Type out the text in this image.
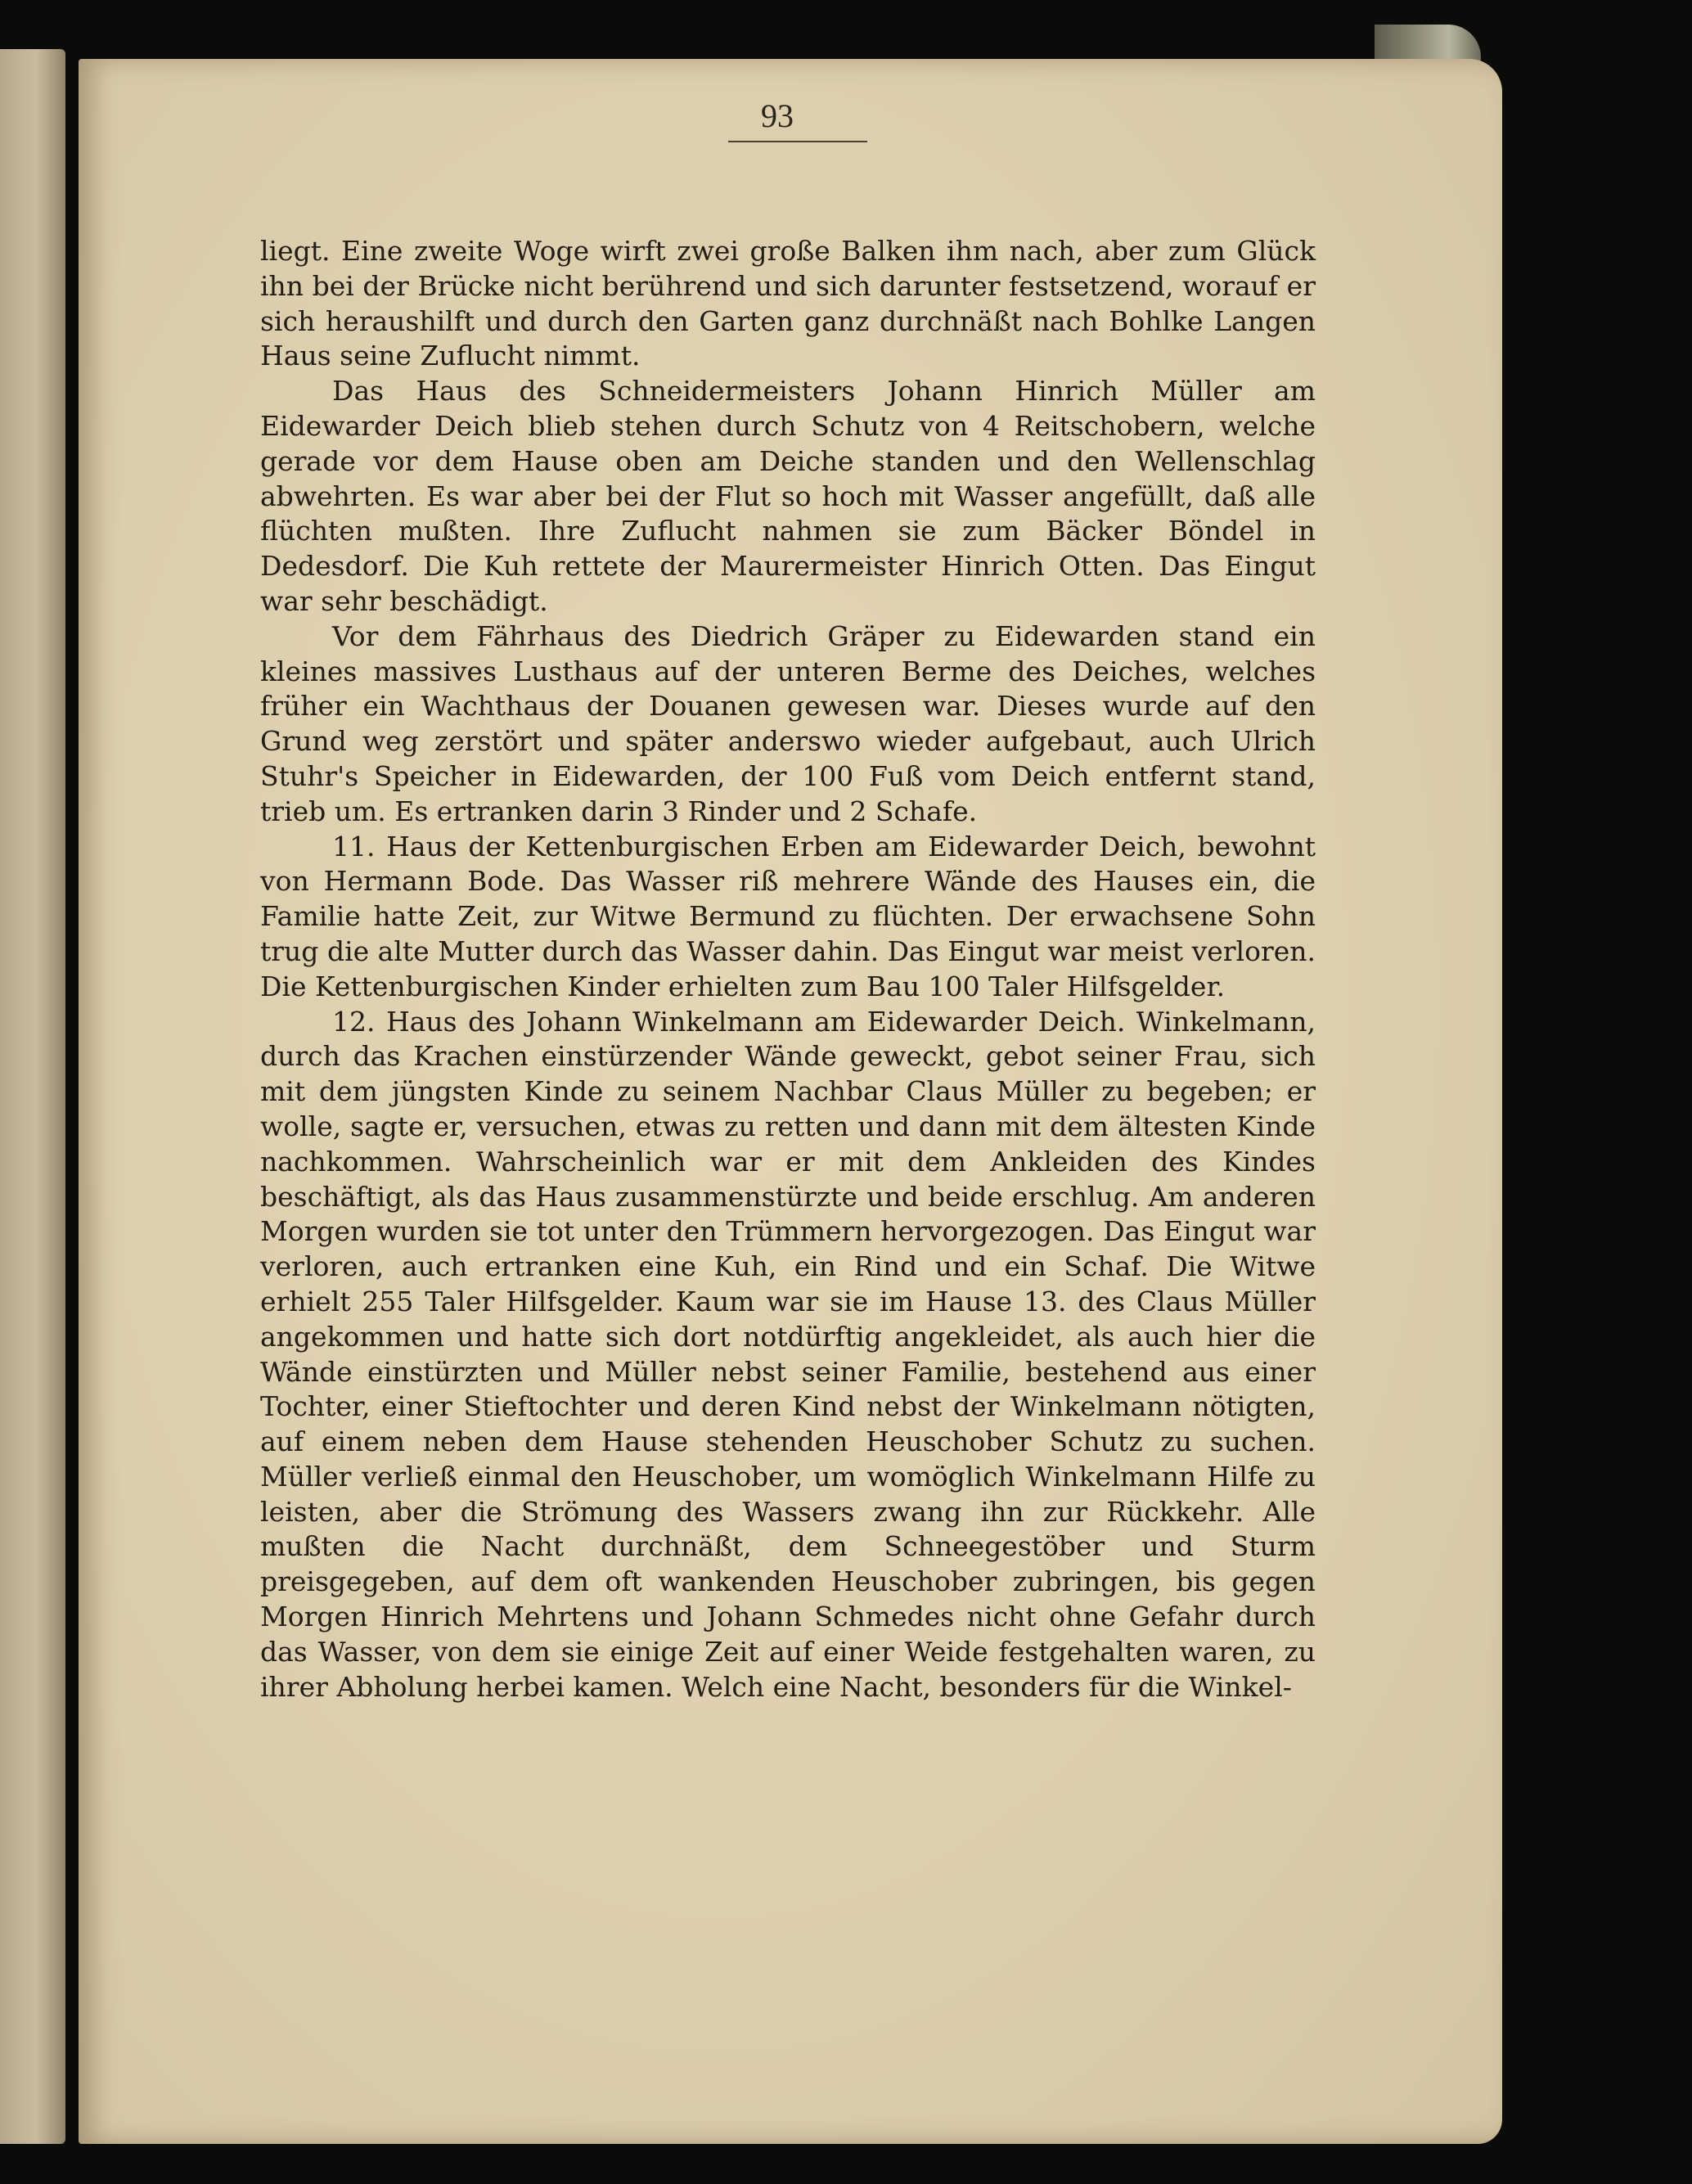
93

liegt. Eine zweite Woge wirft zwei große Balken ihm nach, aber zum Glück ihn bei der Brücke nicht berührend und sich darunter festsetzend, worauf er sich heraushilft und durch den Garten ganz durchnäßt nach Bohlke Langen Haus seine Zuflucht nimmt.

Das Haus des Schneidermeisters Johann Hinrich Müller am Eidewarder Deich blieb stehen durch Schutz von 4 Reitschobern, welche gerade vor dem Hause oben am Deiche standen und den Wellenschlag abwehrten. Es war aber bei der Flut so hoch mit Wasser angefüllt, daß alle flüchten mußten. Ihre Zuflucht nahmen sie zum Bäcker Böndel in Dedesdorf. Die Kuh rettete der Maurermeister Hinrich Otten. Das Eingut war sehr beschädigt.

Vor dem Fährhaus des Diedrich Gräper zu Eidewarden stand ein kleines massives Lusthaus auf der unteren Berme des Deiches, welches früher ein Wachthaus der Douanen gewesen war. Dieses wurde auf den Grund weg zerstört und später anderswo wieder aufgebaut, auch Ulrich Stuhr's Speicher in Eidewarden, der 100 Fuß vom Deich entfernt stand, trieb um. Es ertranken darin 3 Rinder und 2 Schafe.

11. Haus der Kettenburgischen Erben am Eidewarder Deich, bewohnt von Hermann Bode. Das Wasser riß mehrere Wände des Hauses ein, die Familie hatte Zeit, zur Witwe Bermund zu flüchten. Der erwachsene Sohn trug die alte Mutter durch das Wasser dahin. Das Eingut war meist verloren. Die Kettenburgischen Kinder erhielten zum Bau 100 Taler Hilfsgelder.

12. Haus des Johann Winkelmann am Eidewarder Deich. Winkelmann, durch das Krachen einstürzender Wände geweckt, gebot seiner Frau, sich mit dem jüngsten Kinde zu seinem Nachbar Claus Müller zu begeben; er wolle, sagte er, versuchen, etwas zu retten und dann mit dem ältesten Kinde nachkommen. Wahrscheinlich war er mit dem Ankleiden des Kindes beschäftigt, als das Haus zusammenstürzte und beide erschlug. Am anderen Morgen wurden sie tot unter den Trümmern hervorgezogen. Das Eingut war verloren, auch ertranken eine Kuh, ein Rind und ein Schaf. Die Witwe erhielt 255 Taler Hilfsgelder. Kaum war sie im Hause 13. des Claus Müller angekommen und hatte sich dort notdürftig angekleidet, als auch hier die Wände einstürzten und Müller nebst seiner Familie, bestehend aus einer Tochter, einer Stieftochter und deren Kind nebst der Winkelmann nötigten, auf einem neben dem Hause stehenden Heuschober Schutz zu suchen. Müller verließ einmal den Heuschober, um womöglich Winkelmann Hilfe zu leisten, aber die Strömung des Wassers zwang ihn zur Rückkehr. Alle mußten die Nacht durchnäßt, dem Schneegestöber und Sturm preisgegeben, auf dem oft wankenden Heuschober zubringen, bis gegen Morgen Hinrich Mehrtens und Johann Schmedes nicht ohne Gefahr durch das Wasser, von dem sie einige Zeit auf einer Weide festgehalten waren, zu ihrer Abholung herbei kamen. Welch eine Nacht, besonders für die Winkel-
